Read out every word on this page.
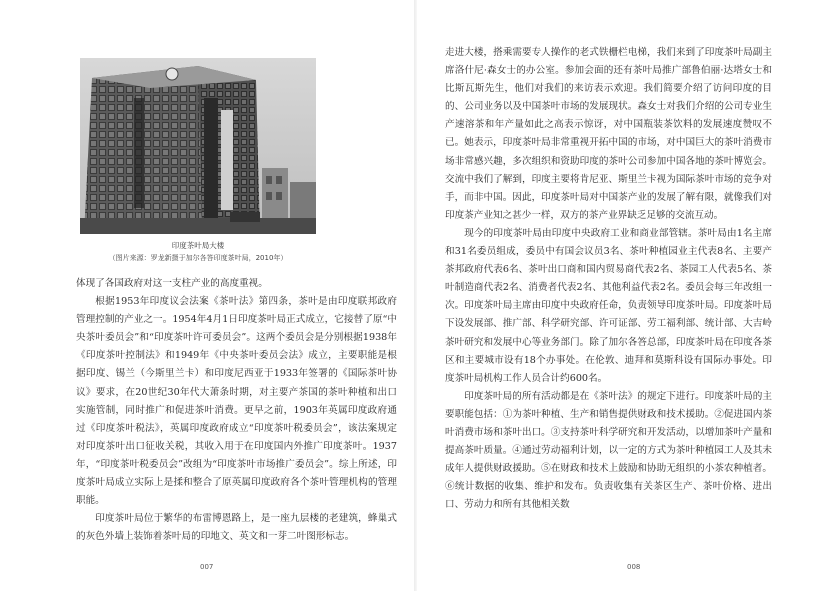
印度茶叶局大楼
（图片来源：罗龙新摄于加尔各答印度茶叶局，2010年）

体现了各国政府对这一支柱产业的高度重视。

根据1953年印度议会法案《茶叶法》第四条，茶叶是由印度联邦政府管理控制的产业之一。1954年4月1日印度茶叶局正式成立，它接替了原“中央茶叶委员会”和“印度茶叶许可委员会”。这两个委员会是分别根据1938年《印度茶叶控制法》和1949年《中央茶叶委员会法》成立，主要职能是根据印度、锡兰（今斯里兰卡）和印度尼西亚于1933年签署的《国际茶叶协议》要求，在20世纪30年代大萧条时期，对主要产茶国的茶叶种植和出口实施管制，同时推广和促进茶叶消费。更早之前，1903年英属印度政府通过《印度茶叶税法》，英属印度政府成立“印度茶叶税委员会”，该法案规定对印度茶叶出口征收关税，其收入用于在印度国内外推广印度茶叶。1937年，“印度茶叶税委员会”改组为“印度茶叶市场推广委员会”。综上所述，印度茶叶局成立实际上是揉和整合了原英属印度政府各个茶叶管理机构的管理职能。

印度茶叶局位于繁华的布雷博恩路上，是一座九层楼的老建筑，蜂巢式的灰色外墙上装饰着茶叶局的印地文、英文和一芽二叶图形标志。

007

走进大楼，搭乘需要专人操作的老式铁栅栏电梯，我们来到了印度茶叶局副主席洛什尼·森女士的办公室。参加会面的还有茶叶局推广部鲁伯丽·达塔女士和比斯瓦斯先生，他们对我们的来访表示欢迎。我们简要介绍了访问印度的目的、公司业务以及中国茶叶市场的发展现状。森女士对我们介绍的公司专业生产速溶茶和年产量如此之高表示惊讶，对中国瓶装茶饮料的发展速度赞叹不已。她表示，印度茶叶局非常重视开拓中国的市场，对中国巨大的茶叶消费市场非常感兴趣，多次组织和资助印度的茶叶公司参加中国各地的茶叶博览会。交流中我们了解到，印度主要将肯尼亚、斯里兰卡视为国际茶叶市场的竞争对手，而非中国。因此，印度茶叶局对中国茶产业的发展了解有限，就像我们对印度茶产业知之甚少一样，双方的茶产业界缺乏足够的交流互动。

现今的印度茶叶局由印度中央政府工业和商业部管辖。茶叶局由1名主席和31名委员组成，委员中有国会议员3名、茶叶种植园业主代表8名、主要产茶邦政府代表6名、茶叶出口商和国内贸易商代表2名、茶园工人代表5名、茶叶制造商代表2名、消费者代表2名、其他利益代表2名。委员会每三年改组一次。印度茶叶局主席由印度中央政府任命，负责领导印度茶叶局。印度茶叶局下设发展部、推广部、科学研究部、许可证部、劳工福利部、统计部、大吉岭茶叶研究和发展中心等业务部门。除了加尔各答总部，印度茶叶局在印度各茶区和主要城市设有18个办事处。在伦敦、迪拜和莫斯科设有国际办事处。印度茶叶局机构工作人员合计约600名。

印度茶叶局的所有活动都是在《茶叶法》的规定下进行。印度茶叶局的主要职能包括：①为茶叶种植、生产和销售提供财政和技术援助。②促进国内茶叶消费市场和茶叶出口。③支持茶叶科学研究和开发活动，以增加茶叶产量和提高茶叶质量。④通过劳动福利计划，以一定的方式为茶叶种植园工人及其未成年人提供财政援助。⑤在财政和技术上鼓励和协助无组织的小茶农种植者。⑥统计数据的收集、维护和发布。负责收集有关茶区生产、茶叶价格、进出口、劳动力和所有其他相关数

008
